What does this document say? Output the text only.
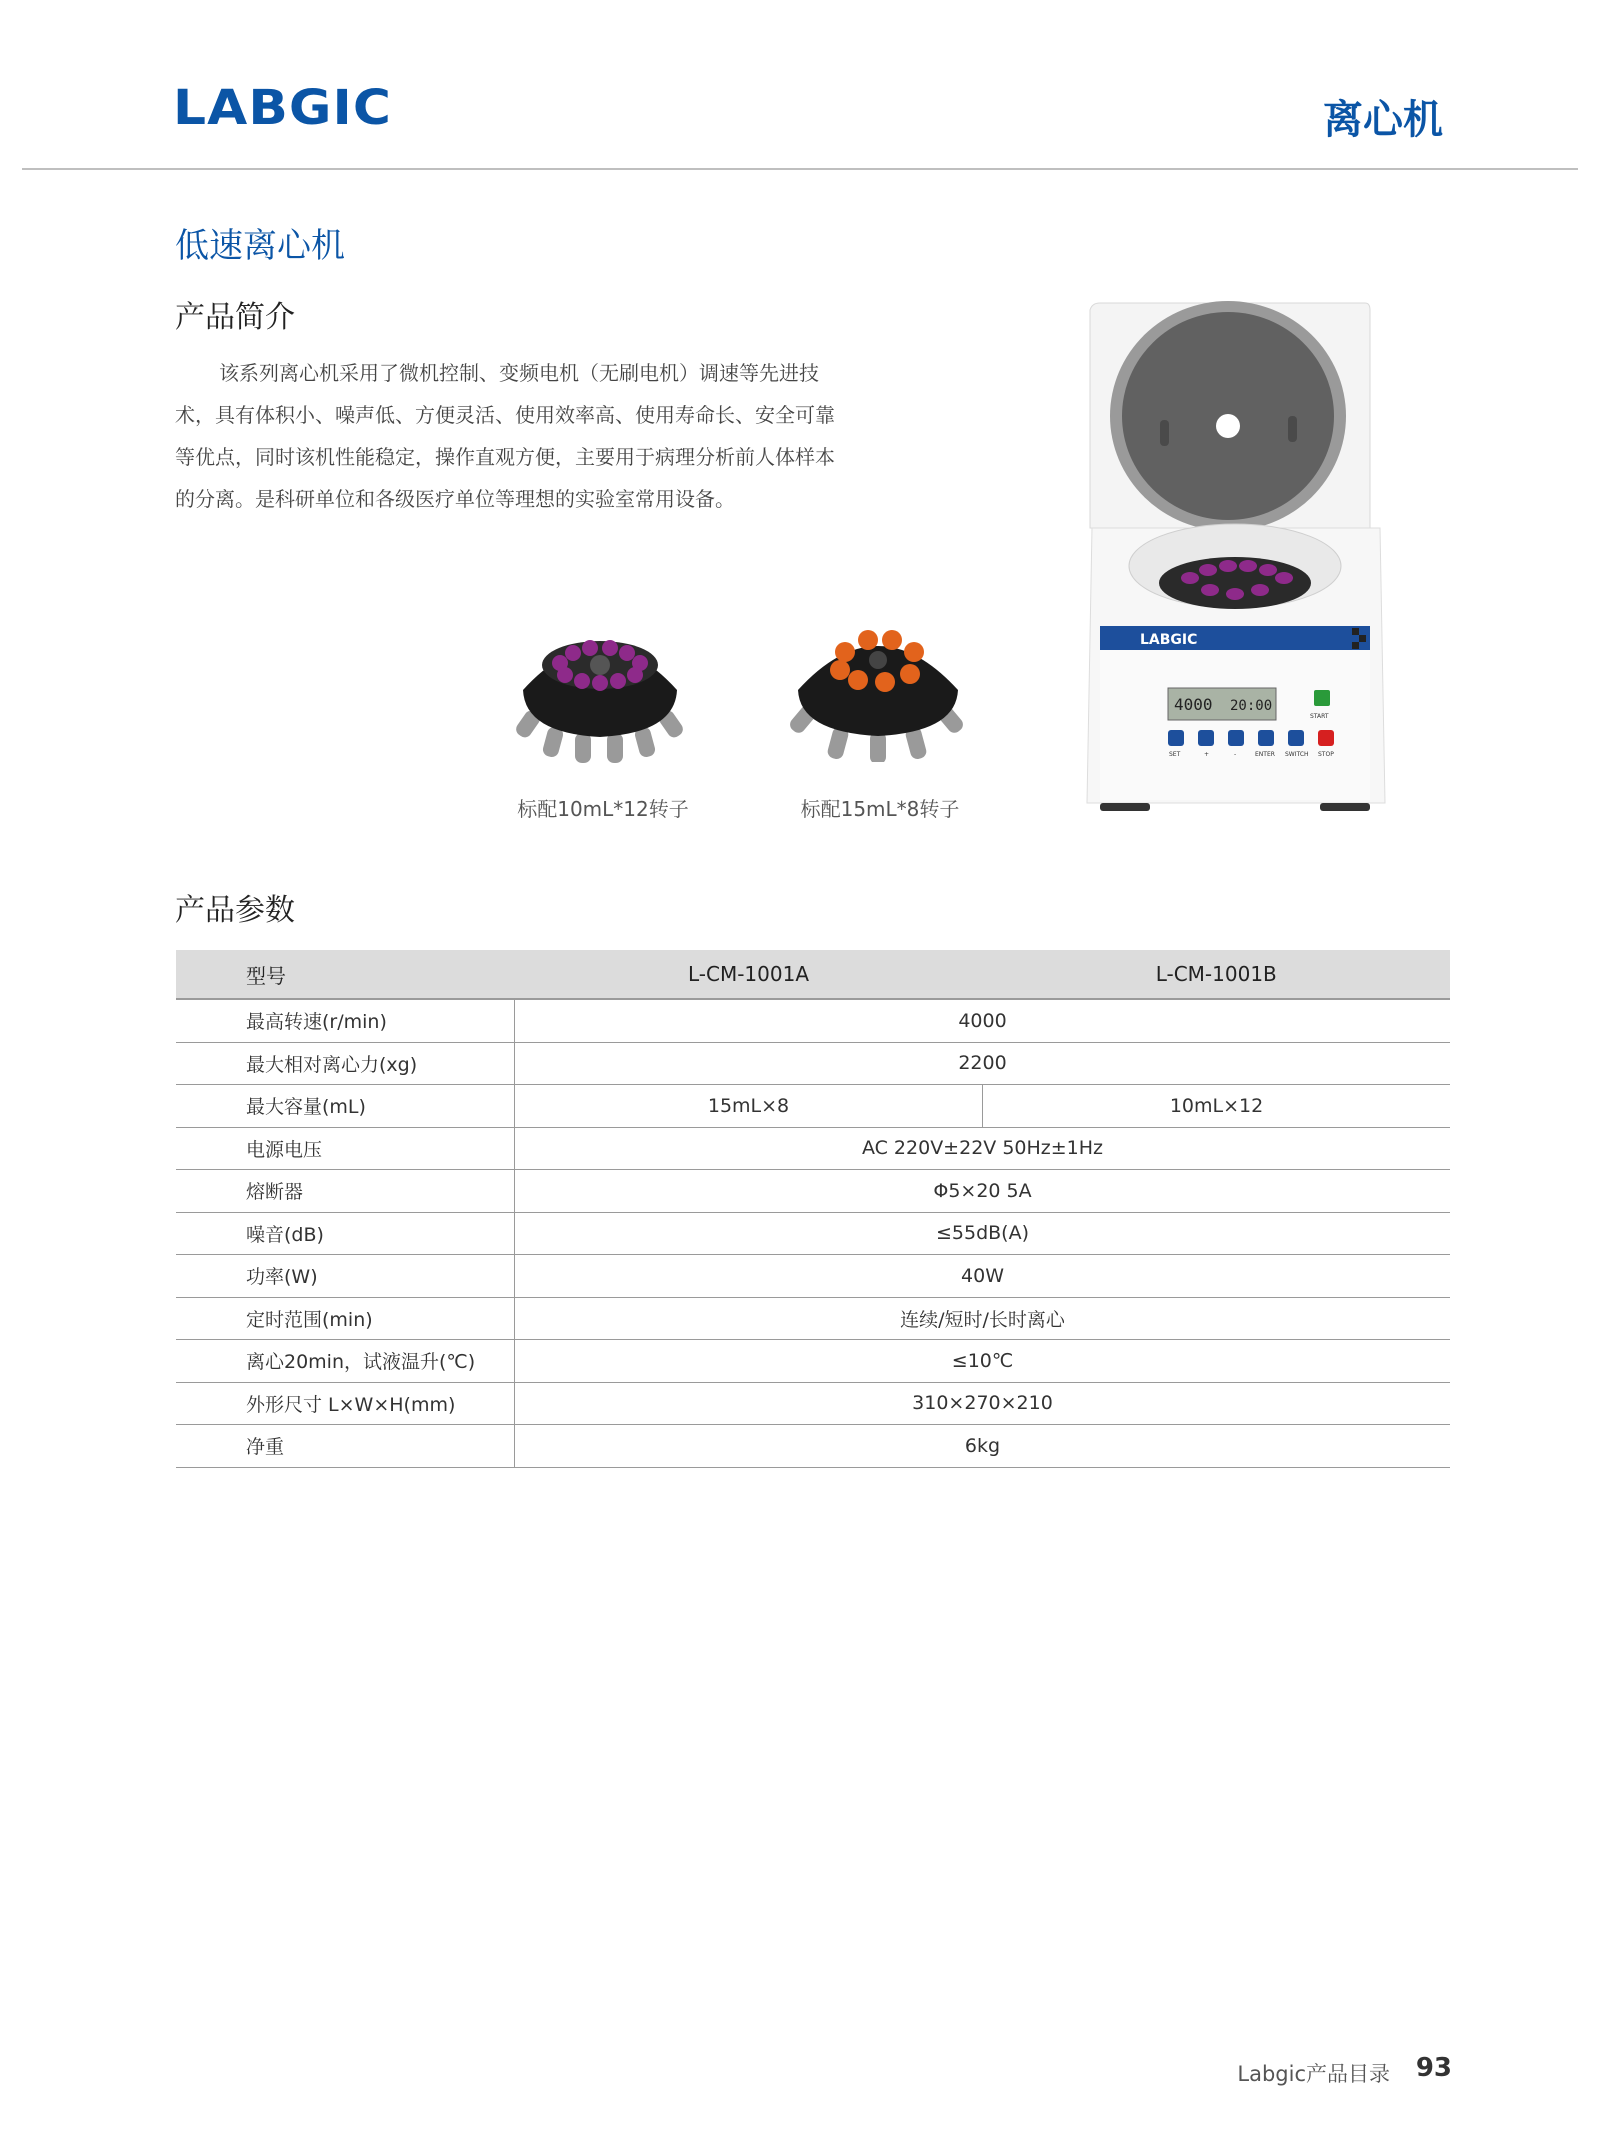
LABGIC	离心机
低速离心机
产品简介
该系列离心机采用了微机控制、变频电机（无刷电机）调速等先进技术，具有体积小、噪声低、方便灵活、使用效率高、使用寿命长、安全可靠等优点，同时该机性能稳定，操作直观方便，主要用于病理分析前人体样本的分离。是科研单位和各级医疗单位等理想的实验室常用设备。
标配10mL*12转子	标配15mL*8转子
LABGIC
4000 20:00
START
SET	+	-	ENTER SWITCH STOP
产品参数
型号	L-CM-1001A	L-CM-1001B
最高转速(r/min)	4000	
最大相对离心力(xg)	2200	
最大容量(mL)	15mL×8	10mL×12
电源电压	AC 220V±22V 50Hz±1Hz	
熔断器	Φ5×20 5A	
噪音(dB)	≤55dB(A)	
功率(W)	40W	
定时范围(min)	连续/短时/长时离心	
离心20min，试液温升(℃)	≤10℃	
外形尺寸 L×W×H(mm)	310×270×210	
净重	6kg	
Labgic产品目录 93
